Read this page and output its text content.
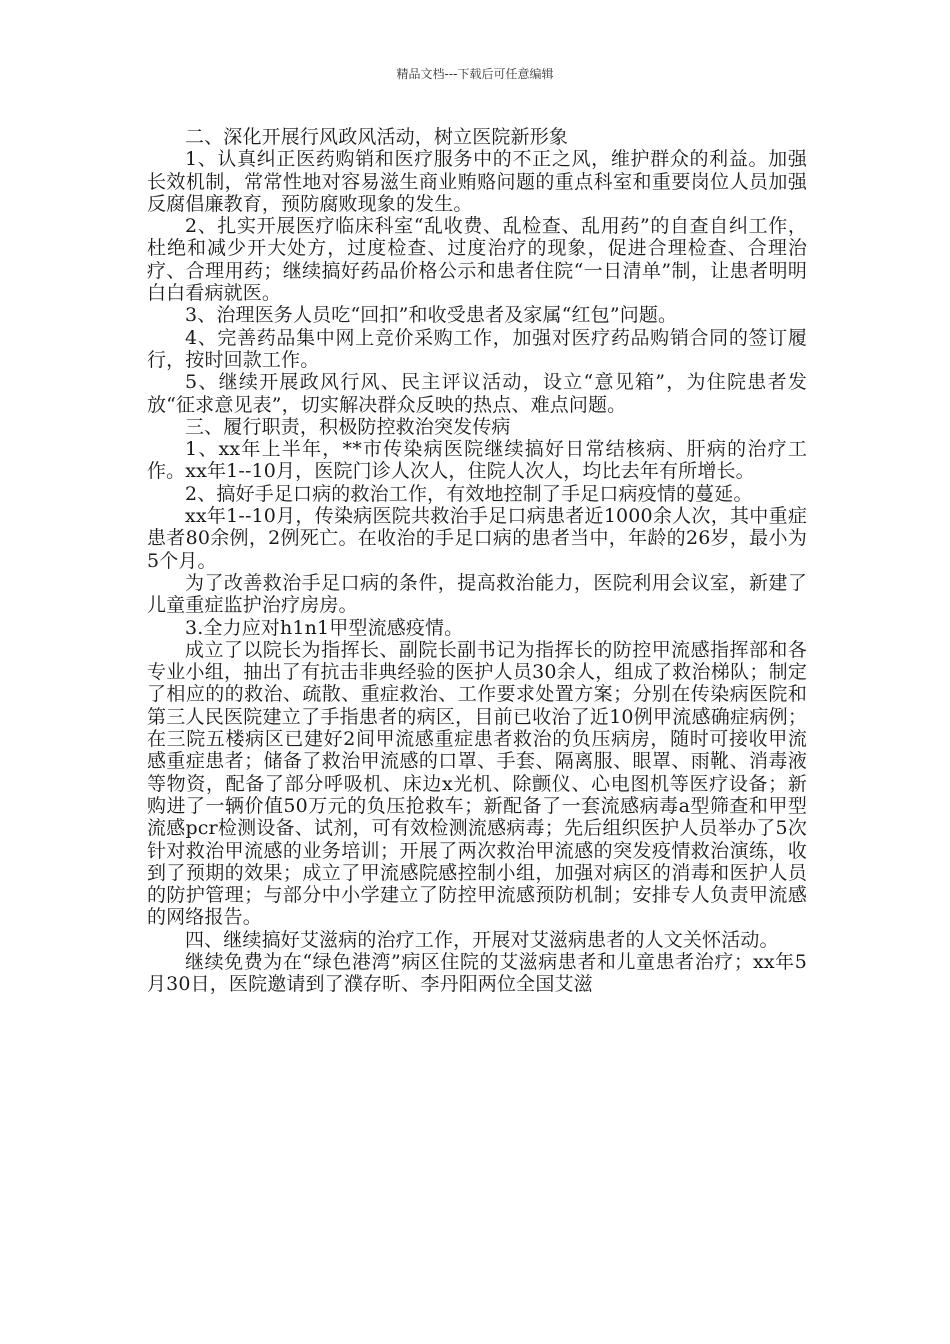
精品文档---下载后可任意编辑

二、深化开展行风政风活动，树立医院新形象

1、认真纠正医药购销和医疗服务中的不正之风，维护群众的利益。加强长效机制，常常性地对容易滋生商业贿赂问题的重点科室和重要岗位人员加强反腐倡廉教育，预防腐败现象的发生。

2、扎实开展医疗临床科室“乱收费、乱检查、乱用药”的自查自纠工作，杜绝和减少开大处方，过度检查、过度治疗的现象，促进合理检查、合理治疗、合理用药；继续搞好药品价格公示和患者住院“一日清单”制，让患者明明白白看病就医。

3、治理医务人员吃“回扣”和收受患者及家属“红包”问题。

4、完善药品集中网上竞价采购工作，加强对医疗药品购销合同的签订履行，按时回款工作。

5、继续开展政风行风、民主评议活动，设立“意见箱”，为住院患者发放“征求意见表”，切实解决群众反映的热点、难点问题。

三、履行职责，积极防控救治突发传病

1、xx年上半年，**市传染病医院继续搞好日常结核病、肝病的治疗工作。xx年1--10月，医院门诊人次人，住院人次人，均比去年有所增长。

2、搞好手足口病的救治工作，有效地控制了手足口病疫情的蔓延。

xx年1--10月，传染病医院共救治手足口病患者近1000余人次，其中重症患者80余例，2例死亡。在收治的手足口病的患者当中，年龄的26岁，最小为5个月。

为了改善救治手足口病的条件，提高救治能力，医院利用会议室，新建了儿童重症监护治疗房房。

3.全力应对h1n1甲型流感疫情。

成立了以院长为指挥长、副院长副书记为指挥长的防控甲流感指挥部和各专业小组，抽出了有抗击非典经验的医护人员30余人，组成了救治梯队；制定了相应的的救治、疏散、重症救治、工作要求处置方案；分别在传染病医院和第三人民医院建立了手指患者的病区，目前已收治了近10例甲流感确症病例；在三院五楼病区已建好2间甲流感重症患者救治的负压病房，随时可接收甲流感重症患者；储备了救治甲流感的口罩、手套、隔离服、眼罩、雨靴、消毒液等物资，配备了部分呼吸机、床边x光机、除颤仪、心电图机等医疗设备；新购进了一辆价值50万元的负压抢救车；新配备了一套流感病毒a型筛查和甲型流感pcr检测设备、试剂，可有效检测流感病毒；先后组织医护人员举办了5次针对救治甲流感的业务培训；开展了两次救治甲流感的突发疫情救治演练，收到了预期的效果；成立了甲流感院感控制小组，加强对病区的消毒和医护人员的防护管理；与部分中小学建立了防控甲流感预防机制；安排专人负责甲流感的网络报告。

四、继续搞好艾滋病的治疗工作，开展对艾滋病患者的人文关怀活动。

继续免费为在“绿色港湾”病区住院的艾滋病患者和儿童患者治疗；xx年5月30日，医院邀请到了濮存昕、李丹阳两位全国艾滋
